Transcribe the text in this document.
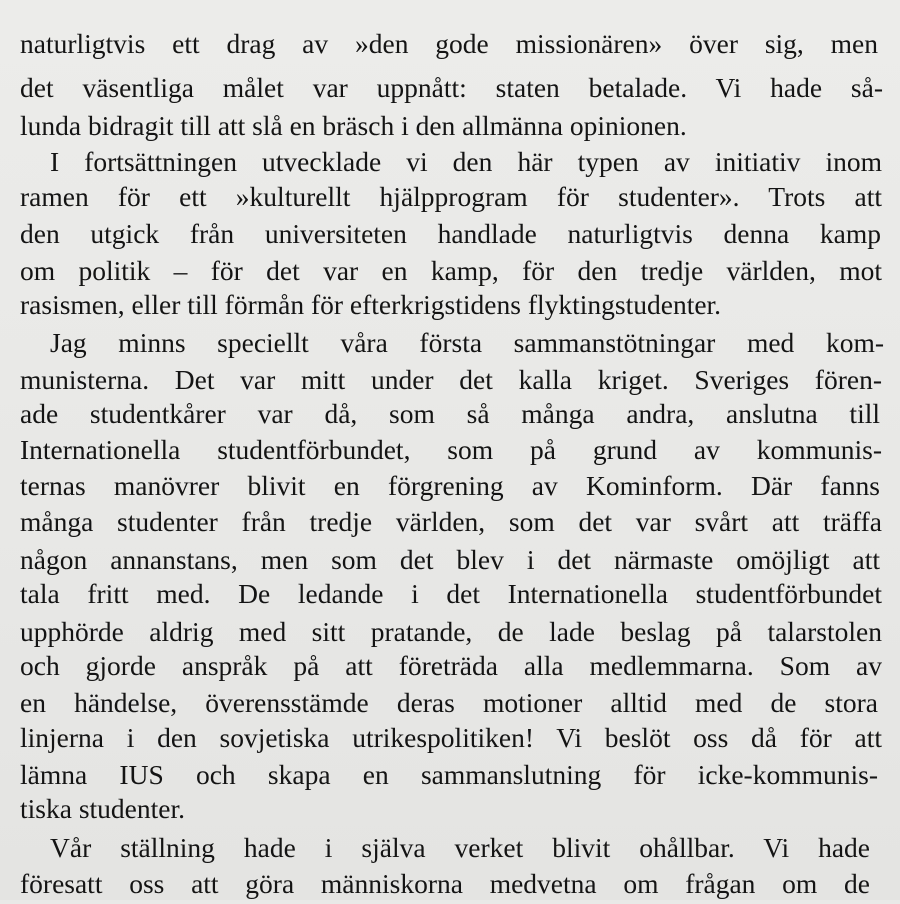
naturligtvis ett drag av »den gode missionären» över sig, men
det väsentliga målet var uppnått: staten betalade. Vi hade så-
lunda bidragit till att slå en bräsch i den allmänna opinionen.
I fortsättningen utvecklade vi den här typen av initiativ inom
ramen för ett »kulturellt hjälpprogram för studenter». Trots att
den utgick från universiteten handlade naturligtvis denna kamp
om politik – för det var en kamp, för den tredje världen, mot
rasismen, eller till förmån för efterkrigstidens flyktingstudenter.
Jag minns speciellt våra första sammanstötningar med kom-
munisterna. Det var mitt under det kalla kriget. Sveriges fören-
ade studentkårer var då, som så många andra, anslutna till
Internationella studentförbundet, som på grund av kommunis-
ternas manövrer blivit en förgrening av Kominform. Där fanns
många studenter från tredje världen, som det var svårt att träffa
någon annanstans, men som det blev i det närmaste omöjligt att
tala fritt med. De ledande i det Internationella studentförbundet
upphörde aldrig med sitt pratande, de lade beslag på talarstolen
och gjorde anspråk på att företräda alla medlemmarna. Som av
en händelse, överensstämde deras motioner alltid med de stora
linjerna i den sovjetiska utrikespolitiken! Vi beslöt oss då för att
lämna IUS och skapa en sammanslutning för icke-kommunis-
tiska studenter.
Vår ställning hade i själva verket blivit ohållbar. Vi hade
föresatt oss att göra människorna medvetna om frågan om de
